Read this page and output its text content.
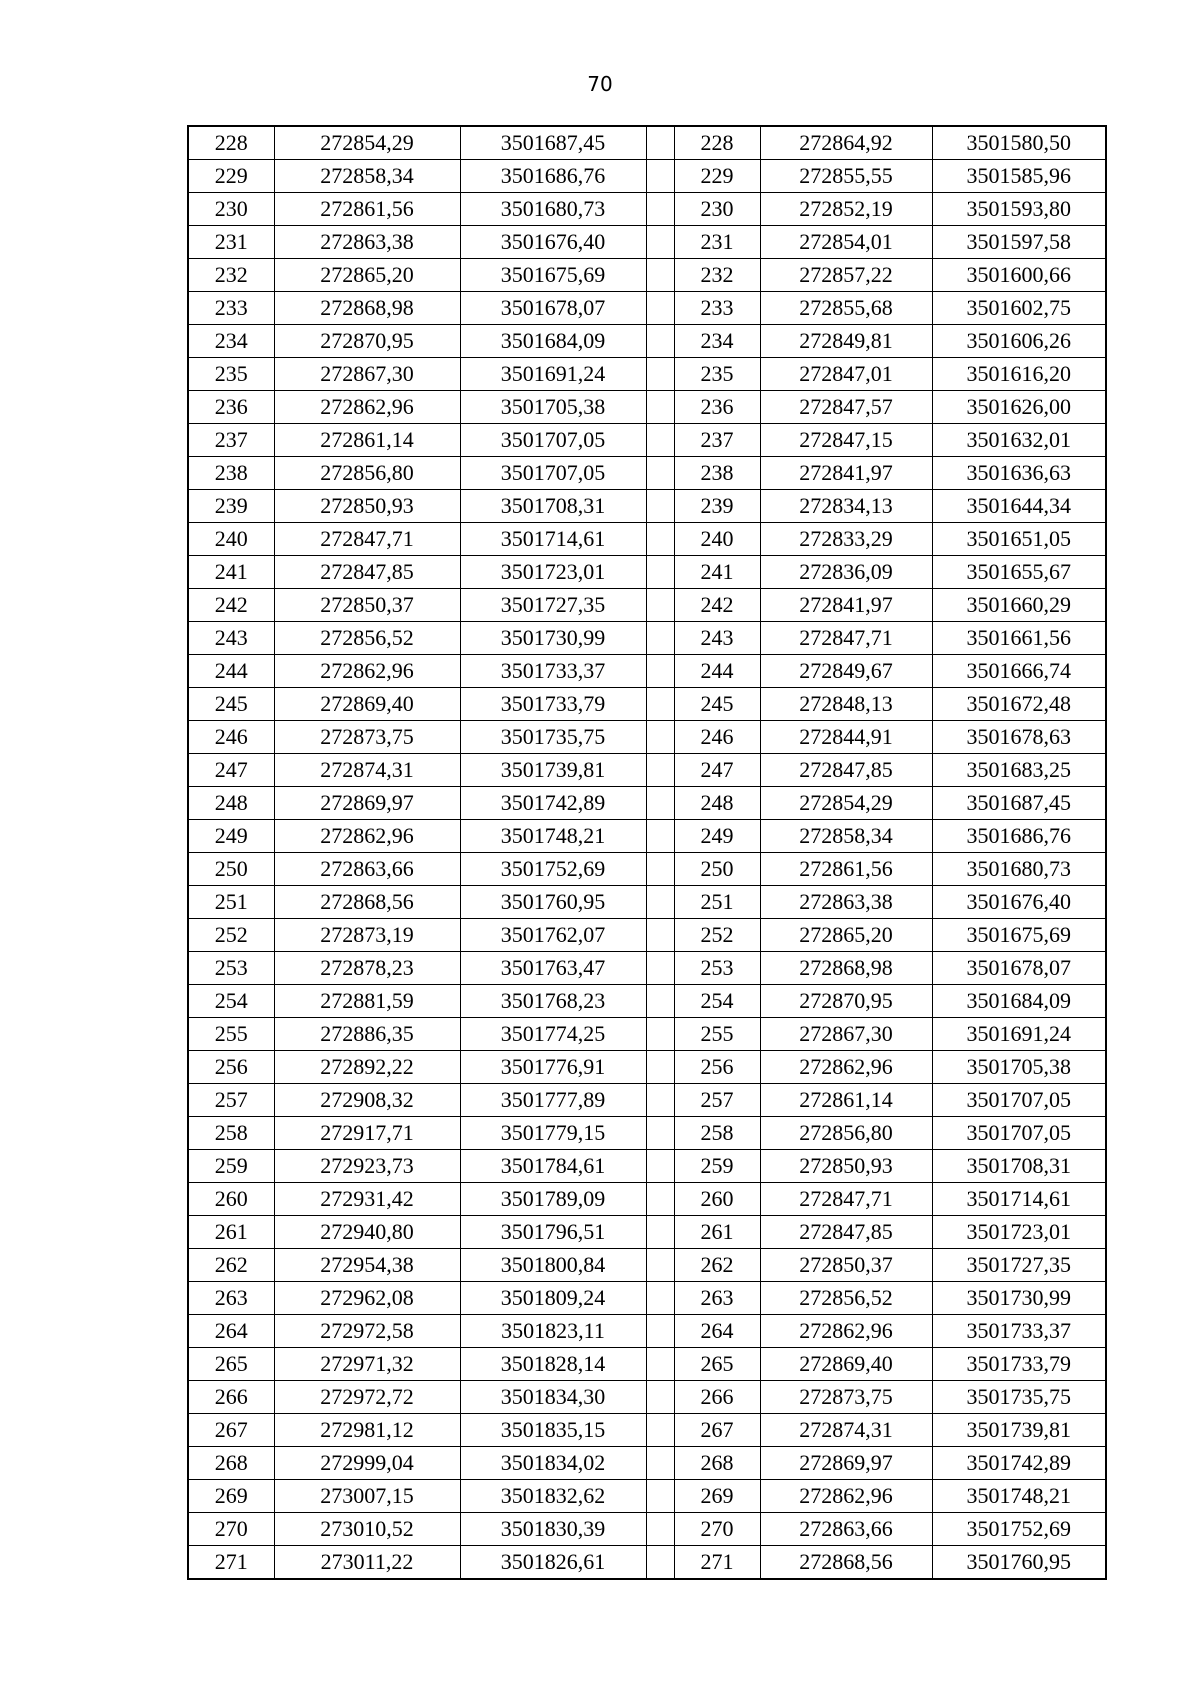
70
228	272854,29	3501687,45		228	272864,92	3501580,50
229	272858,34	3501686,76		229	272855,55	3501585,96
230	272861,56	3501680,73		230	272852,19	3501593,80
231	272863,38	3501676,40		231	272854,01	3501597,58
232	272865,20	3501675,69		232	272857,22	3501600,66
233	272868,98	3501678,07		233	272855,68	3501602,75
234	272870,95	3501684,09		234	272849,81	3501606,26
235	272867,30	3501691,24		235	272847,01	3501616,20
236	272862,96	3501705,38		236	272847,57	3501626,00
237	272861,14	3501707,05		237	272847,15	3501632,01
238	272856,80	3501707,05		238	272841,97	3501636,63
239	272850,93	3501708,31		239	272834,13	3501644,34
240	272847,71	3501714,61		240	272833,29	3501651,05
241	272847,85	3501723,01		241	272836,09	3501655,67
242	272850,37	3501727,35		242	272841,97	3501660,29
243	272856,52	3501730,99		243	272847,71	3501661,56
244	272862,96	3501733,37		244	272849,67	3501666,74
245	272869,40	3501733,79		245	272848,13	3501672,48
246	272873,75	3501735,75		246	272844,91	3501678,63
247	272874,31	3501739,81		247	272847,85	3501683,25
248	272869,97	3501742,89		248	272854,29	3501687,45
249	272862,96	3501748,21		249	272858,34	3501686,76
250	272863,66	3501752,69		250	272861,56	3501680,73
251	272868,56	3501760,95		251	272863,38	3501676,40
252	272873,19	3501762,07		252	272865,20	3501675,69
253	272878,23	3501763,47		253	272868,98	3501678,07
254	272881,59	3501768,23		254	272870,95	3501684,09
255	272886,35	3501774,25		255	272867,30	3501691,24
256	272892,22	3501776,91		256	272862,96	3501705,38
257	272908,32	3501777,89		257	272861,14	3501707,05
258	272917,71	3501779,15		258	272856,80	3501707,05
259	272923,73	3501784,61		259	272850,93	3501708,31
260	272931,42	3501789,09		260	272847,71	3501714,61
261	272940,80	3501796,51		261	272847,85	3501723,01
262	272954,38	3501800,84		262	272850,37	3501727,35
263	272962,08	3501809,24		263	272856,52	3501730,99
264	272972,58	3501823,11		264	272862,96	3501733,37
265	272971,32	3501828,14		265	272869,40	3501733,79
266	272972,72	3501834,30		266	272873,75	3501735,75
267	272981,12	3501835,15		267	272874,31	3501739,81
268	272999,04	3501834,02		268	272869,97	3501742,89
269	273007,15	3501832,62		269	272862,96	3501748,21
270	273010,52	3501830,39		270	272863,66	3501752,69
271	273011,22	3501826,61		271	272868,56	3501760,95
